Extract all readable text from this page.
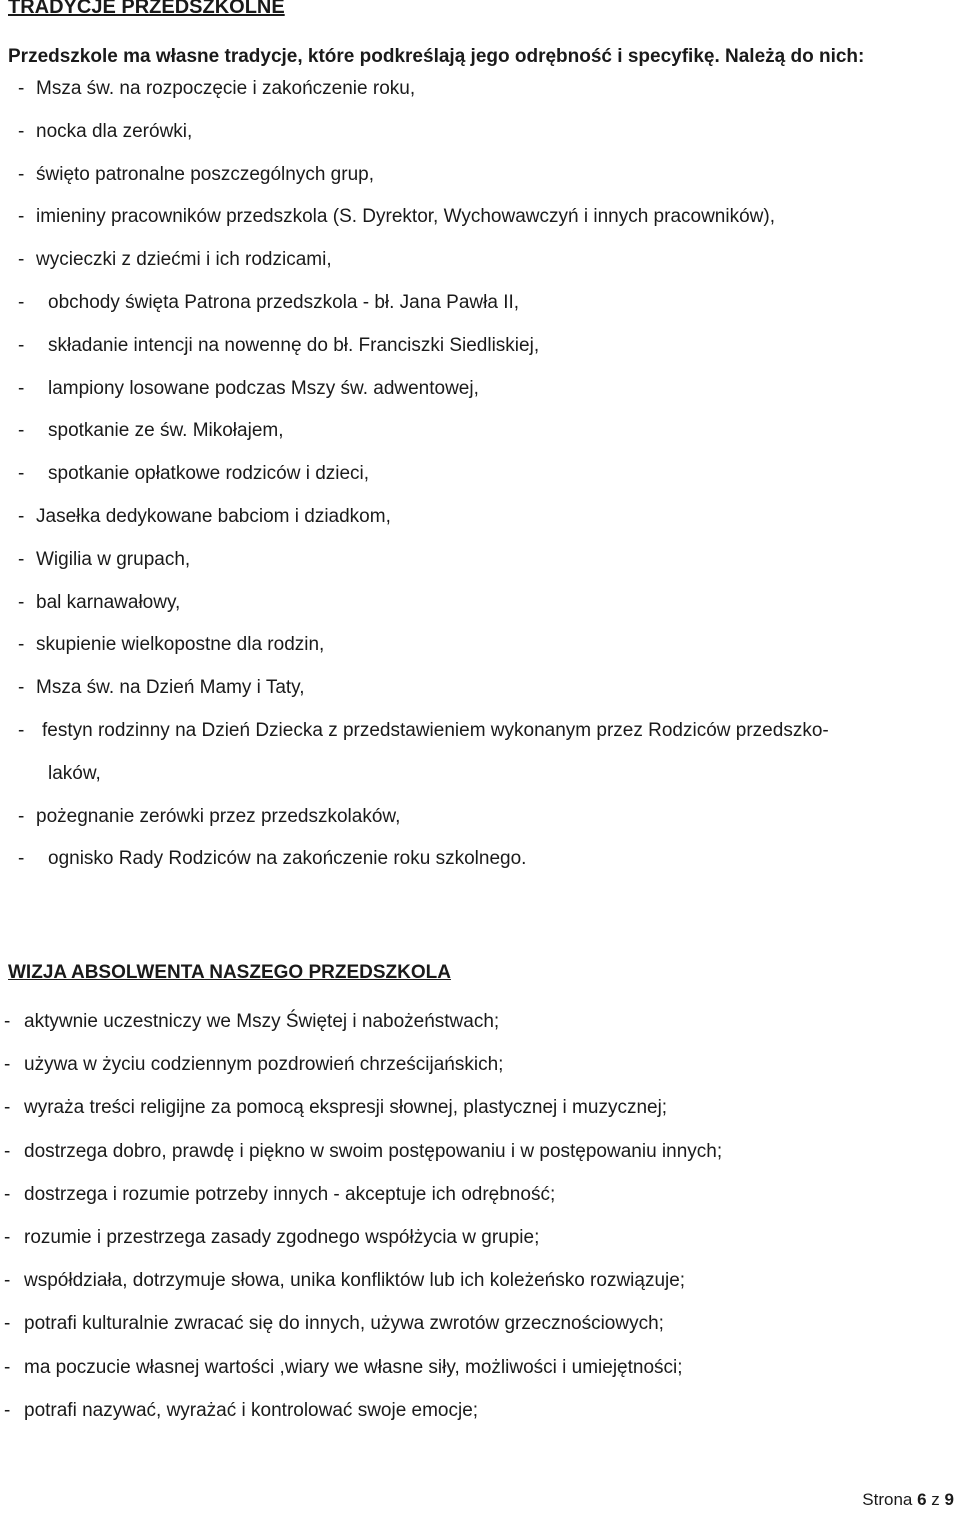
TRADYCJE PRZEDSZKOLNE
Przedszkole ma własne tradycje, które podkreślają jego odrębność i specyfikę. Należą do nich:
- Msza św. na rozpoczęcie i zakończenie roku,
- nocka dla zerówki,
- święto patronalne poszczególnych grup,
- imieniny pracowników przedszkola (S. Dyrektor, Wychowawczyń i innych pracowników),
- wycieczki z dziećmi i ich rodzicami,
- obchody święta Patrona przedszkola - bł. Jana Pawła II,
- składanie intencji na nowennę do bł. Franciszki Siedliskiej,
- lampiony losowane podczas Mszy św. adwentowej,
- spotkanie ze św. Mikołajem,
- spotkanie opłatkowe rodziców i dzieci,
- Jasełka dedykowane babciom i dziadkom,
- Wigilia w grupach,
- bal karnawałowy,
- skupienie wielkopostne dla rodzin,
- Msza św. na Dzień Mamy i Taty,
- festyn rodzinny na Dzień Dziecka z przedstawieniem wykonanym przez Rodziców przedszko-
laków,
- pożegnanie zerówki przez przedszkolaków,
- ognisko Rady Rodziców na zakończenie roku szkolnego.
WIZJA ABSOLWENTA NASZEGO PRZEDSZKOLA
- aktywnie uczestniczy we Mszy Świętej i nabożeństwach;
- używa w życiu codziennym pozdrowień chrześcijańskich;
- wyraża treści religijne za pomocą ekspresji słownej, plastycznej i muzycznej;
- dostrzega dobro, prawdę i piękno w swoim postępowaniu i w postępowaniu innych;
- dostrzega i rozumie potrzeby innych - akceptuje ich odrębność;
- rozumie i przestrzega zasady zgodnego współżycia w grupie;
- współdziała, dotrzymuje słowa, unika konfliktów lub ich koleżeńsko rozwiązuje;
- potrafi kulturalnie zwracać się do innych, używa zwrotów grzecznościowych;
- ma poczucie własnej wartości ,wiary we własne siły, możliwości i umiejętności;
- potrafi nazywać, wyrażać i kontrolować swoje emocje;
Strona 6 z 9
